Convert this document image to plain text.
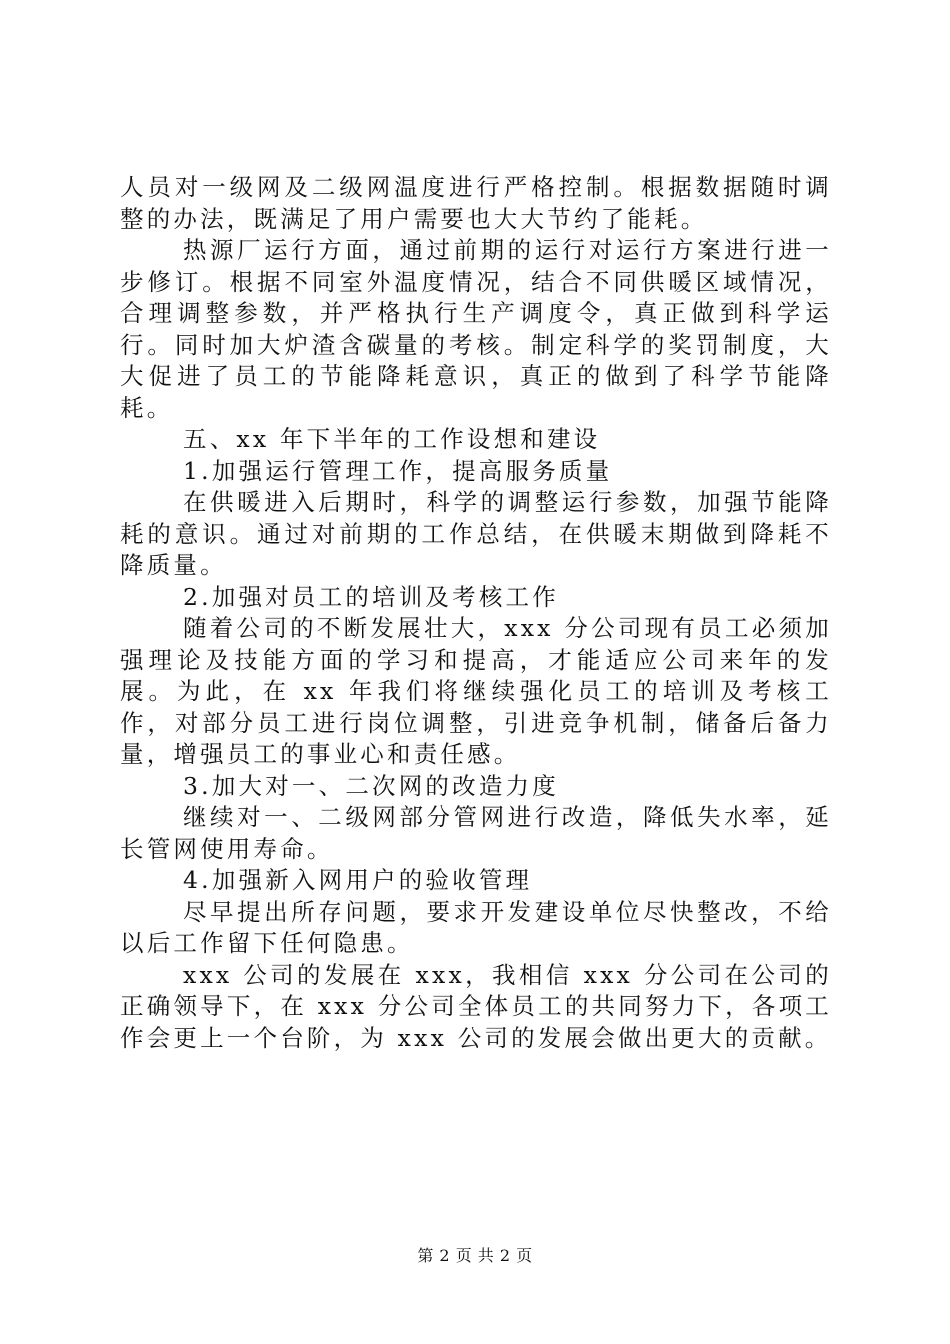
人员对一级网及二级网温度进行严格控制。根据数据随时调整的办法，既满足了用户需要也大大节约了能耗。

热源厂运行方面，通过前期的运行对运行方案进行进一步修订。根据不同室外温度情况，结合不同供暖区域情况，合理调整参数，并严格执行生产调度令，真正做到科学运行。同时加大炉渣含碳量的考核。制定科学的奖罚制度，大大促进了员工的节能降耗意识，真正的做到了科学节能降耗。

五、xx 年下半年的工作设想和建设

1.加强运行管理工作，提高服务质量

在供暖进入后期时，科学的调整运行参数，加强节能降耗的意识。通过对前期的工作总结，在供暖末期做到降耗不降质量。

2.加强对员工的培训及考核工作

随着公司的不断发展壮大，xxx 分公司现有员工必须加强理论及技能方面的学习和提高，才能适应公司来年的发展。为此，在 xx 年我们将继续强化员工的培训及考核工作，对部分员工进行岗位调整，引进竞争机制，储备后备力量，增强员工的事业心和责任感。

3.加大对一、二次网的改造力度

继续对一、二级网部分管网进行改造，降低失水率，延长管网使用寿命。

4.加强新入网用户的验收管理

尽早提出所存问题，要求开发建设单位尽快整改，不给以后工作留下任何隐患。

xxx 公司的发展在 xxx，我相信 xxx 分公司在公司的正确领导下，在 xxx 分公司全体员工的共同努力下，各项工作会更上一个台阶，为 xxx 公司的发展会做出更大的贡献。

第 2 页 共 2 页
